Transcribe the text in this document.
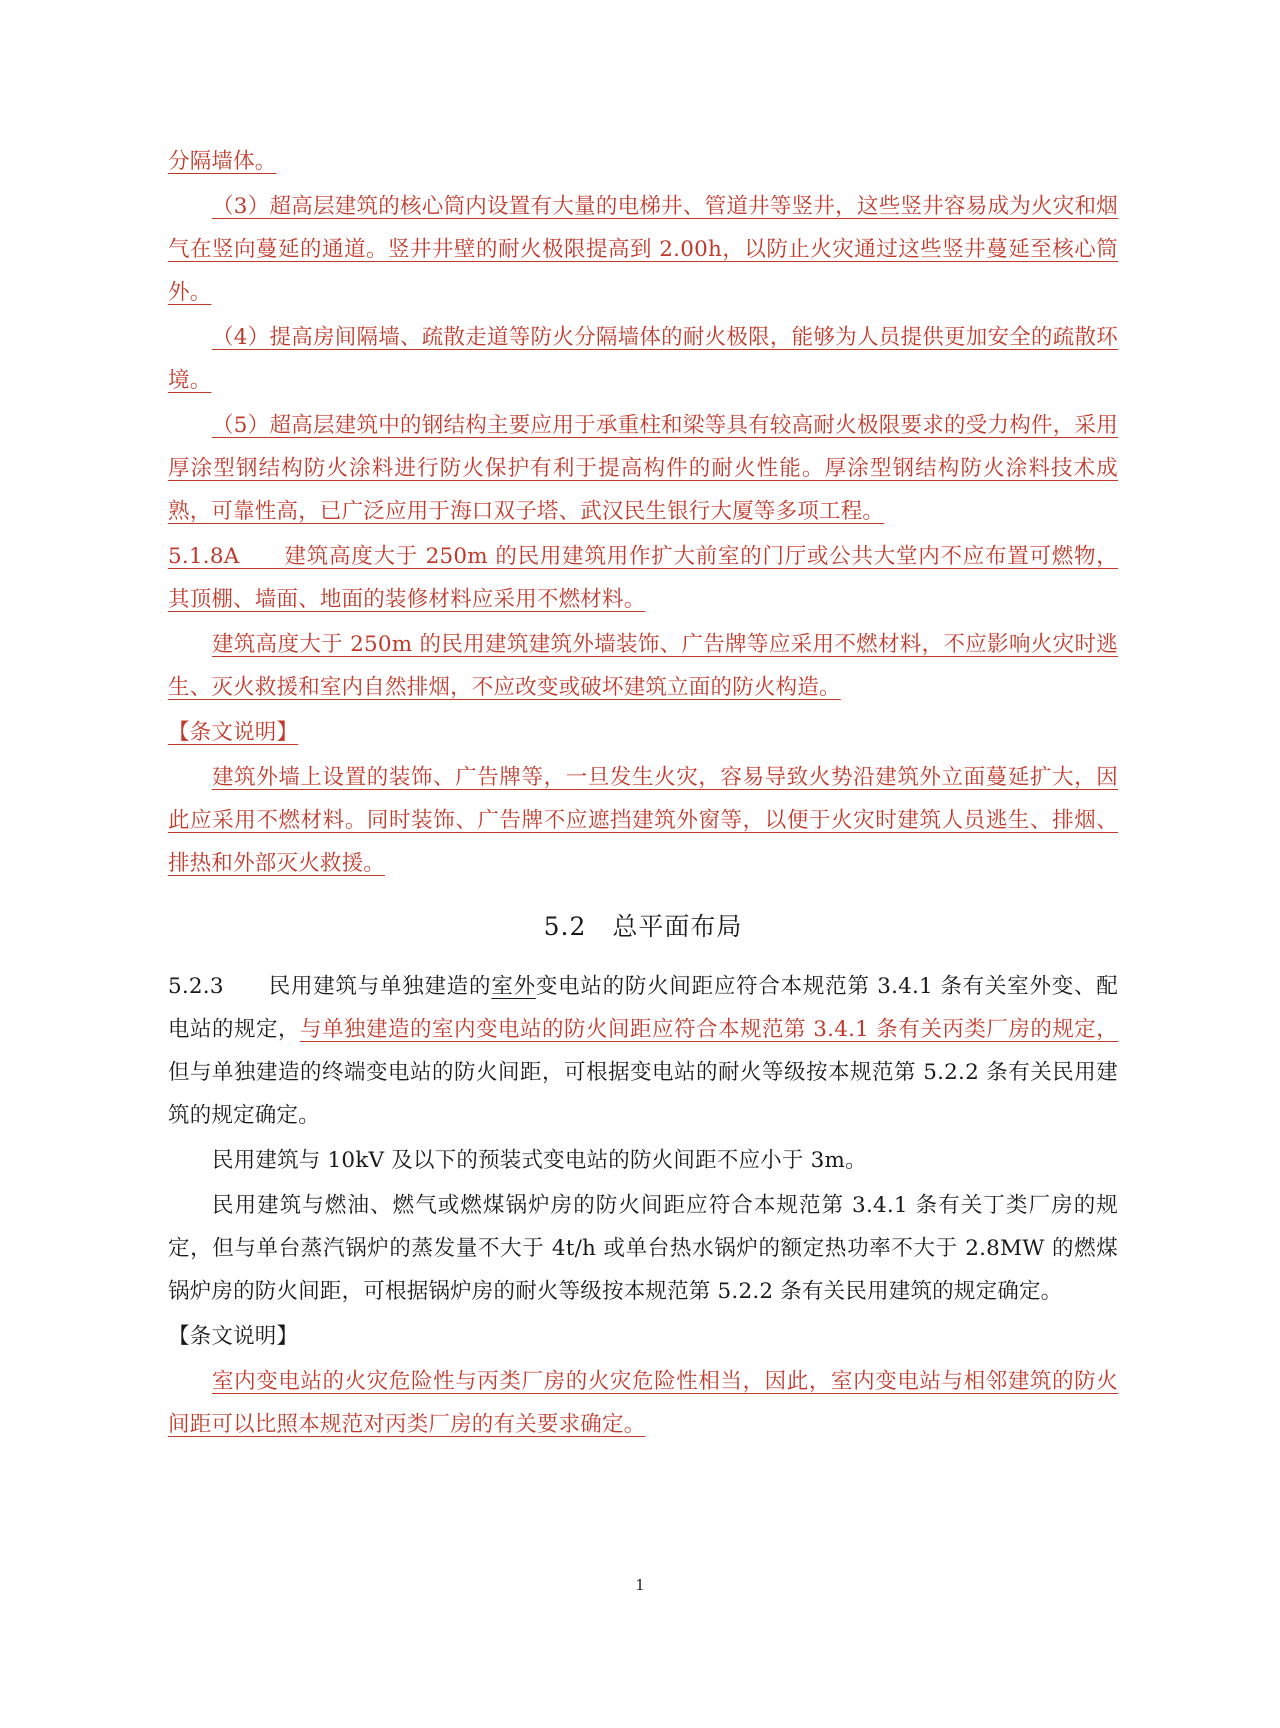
分隔墙体。

（3）超高层建筑的核心筒内设置有大量的电梯井、管道井等竖井，这些竖井容易成为火灾和烟气在竖向蔓延的通道。竖井井壁的耐火极限提高到 2.00h，以防止火灾通过这些竖井蔓延至核心筒外。

（4）提高房间隔墙、疏散走道等防火分隔墙体的耐火极限，能够为人员提供更加安全的疏散环境。

（5）超高层建筑中的钢结构主要应用于承重柱和梁等具有较高耐火极限要求的受力构件，采用厚涂型钢结构防火涂料进行防火保护有利于提高构件的耐火性能。厚涂型钢结构防火涂料技术成熟，可靠性高，已广泛应用于海口双子塔、武汉民生银行大厦等多项工程。

5.1.8A　　建筑高度大于 250m 的民用建筑用作扩大前室的门厅或公共大堂内不应布置可燃物，其顶棚、墙面、地面的装修材料应采用不燃材料。

建筑高度大于 250m 的民用建筑建筑外墙装饰、广告牌等应采用不燃材料，不应影响火灾时逃生、灭火救援和室内自然排烟，不应改变或破坏建筑立面的防火构造。

【条文说明】

建筑外墙上设置的装饰、广告牌等，一旦发生火灾，容易导致火势沿建筑外立面蔓延扩大，因此应采用不燃材料。同时装饰、广告牌不应遮挡建筑外窗等，以便于火灾时建筑人员逃生、排烟、排热和外部灭火救援。

5.2 总平面布局

5.2.3　　民用建筑与单独建造的室外变电站的防火间距应符合本规范第 3.4.1 条有关室外变、配电站的规定，与单独建造的室内变电站的防火间距应符合本规范第 3.4.1 条有关丙类厂房的规定，但与单独建造的终端变电站的防火间距，可根据变电站的耐火等级按本规范第 5.2.2 条有关民用建筑的规定确定。

民用建筑与 10kV 及以下的预装式变电站的防火间距不应小于 3m。

民用建筑与燃油、燃气或燃煤锅炉房的防火间距应符合本规范第 3.4.1 条有关丁类厂房的规定，但与单台蒸汽锅炉的蒸发量不大于 4t/h 或单台热水锅炉的额定热功率不大于 2.8MW 的燃煤锅炉房的防火间距，可根据锅炉房的耐火等级按本规范第 5.2.2 条有关民用建筑的规定确定。

【条文说明】

室内变电站的火灾危险性与丙类厂房的火灾危险性相当，因此，室内变电站与相邻建筑的防火间距可以比照本规范对丙类厂房的有关要求确定。

1
